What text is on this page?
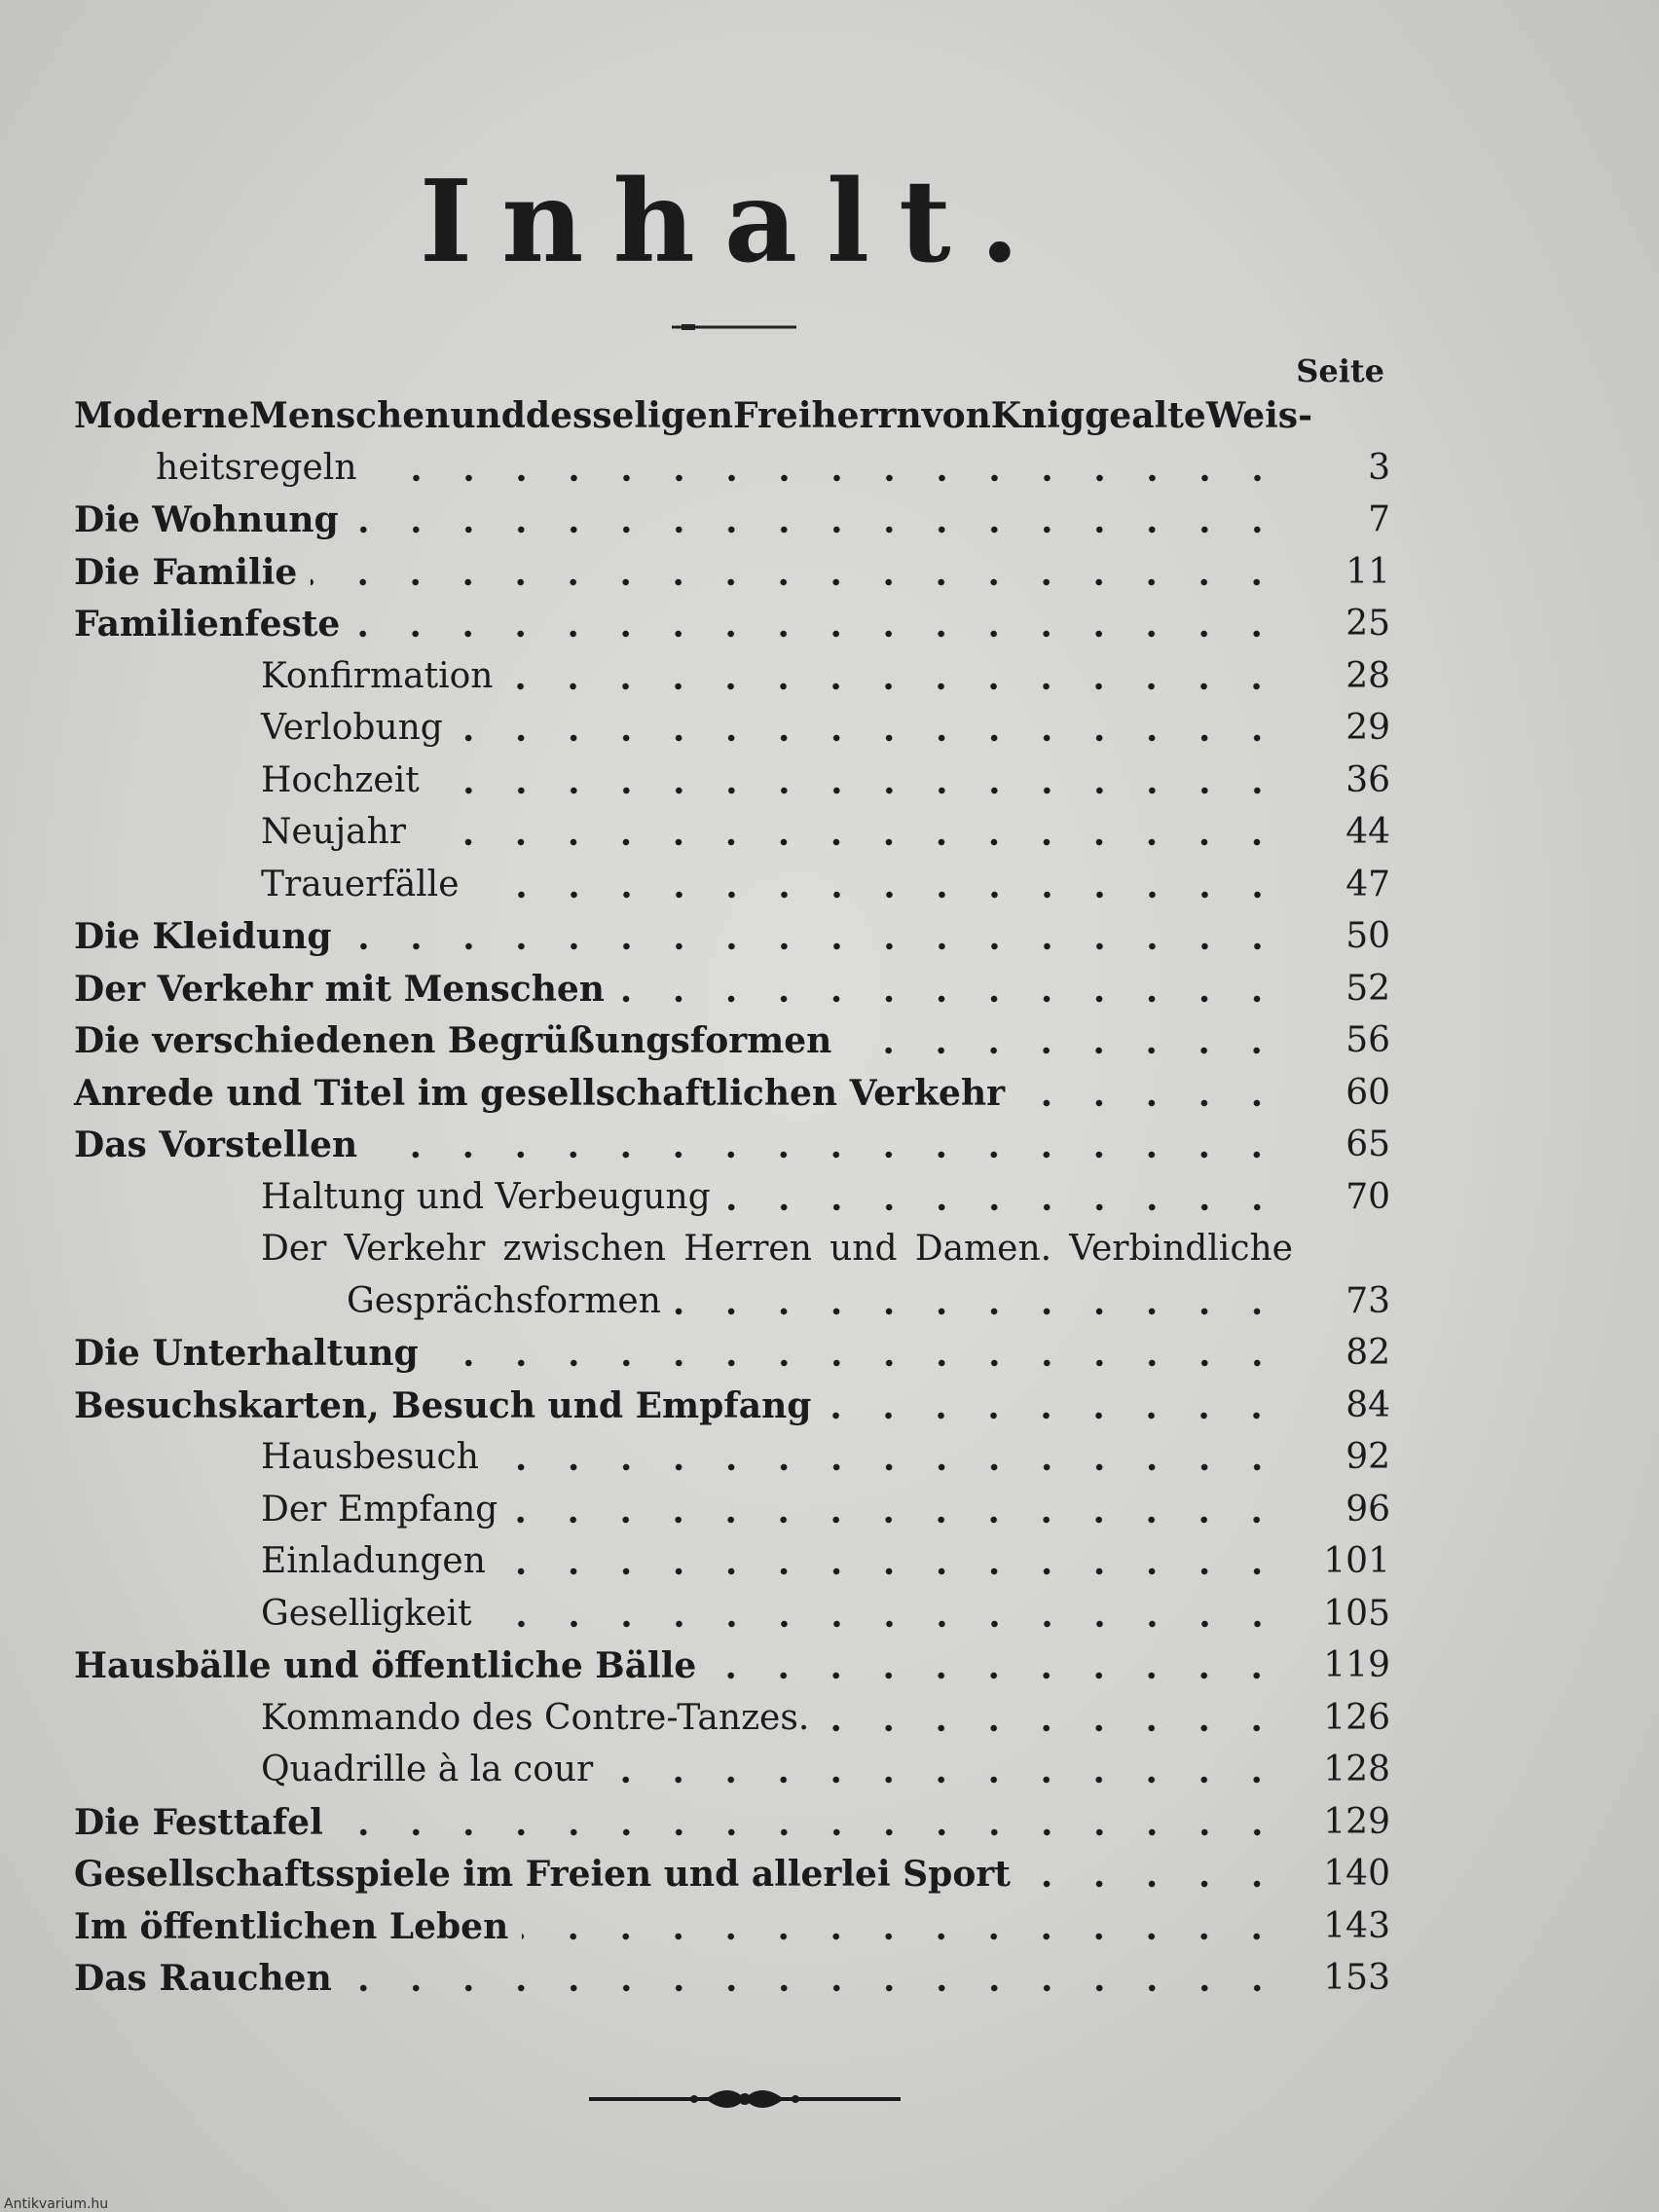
Inhalt.
Seite
Moderne Menschen und des seligen Freiherrn von Knigge alte Weis-
heitsregeln	3
Die Wohnung	7
Die Familie	11
Familienfeste	25
Konfirmation	28
Verlobung	29
Hochzeit	36
Neujahr	44
Trauerfälle	47
Die Kleidung	50
Der Verkehr mit Menschen	52
Die verschiedenen Begrüßungsformen	56
Anrede und Titel im gesellschaftlichen Verkehr	60
Das Vorstellen	65
Haltung und Verbeugung	70
Der Verkehr zwischen Herren und Damen. Verbindliche
Gesprächsformen	73
Die Unterhaltung	82
Besuchskarten, Besuch und Empfang	84
Hausbesuch	92
Der Empfang	96
Einladungen	101
Geselligkeit	105
Hausbälle und öffentliche Bälle	119
Kommando des Contre-Tanzes.	126
Quadrille à la cour	128
Die Festtafel	129
Gesellschaftsspiele im Freien und allerlei Sport	140
Im öffentlichen Leben	143
Das Rauchen	153
Antikvarium.hu
